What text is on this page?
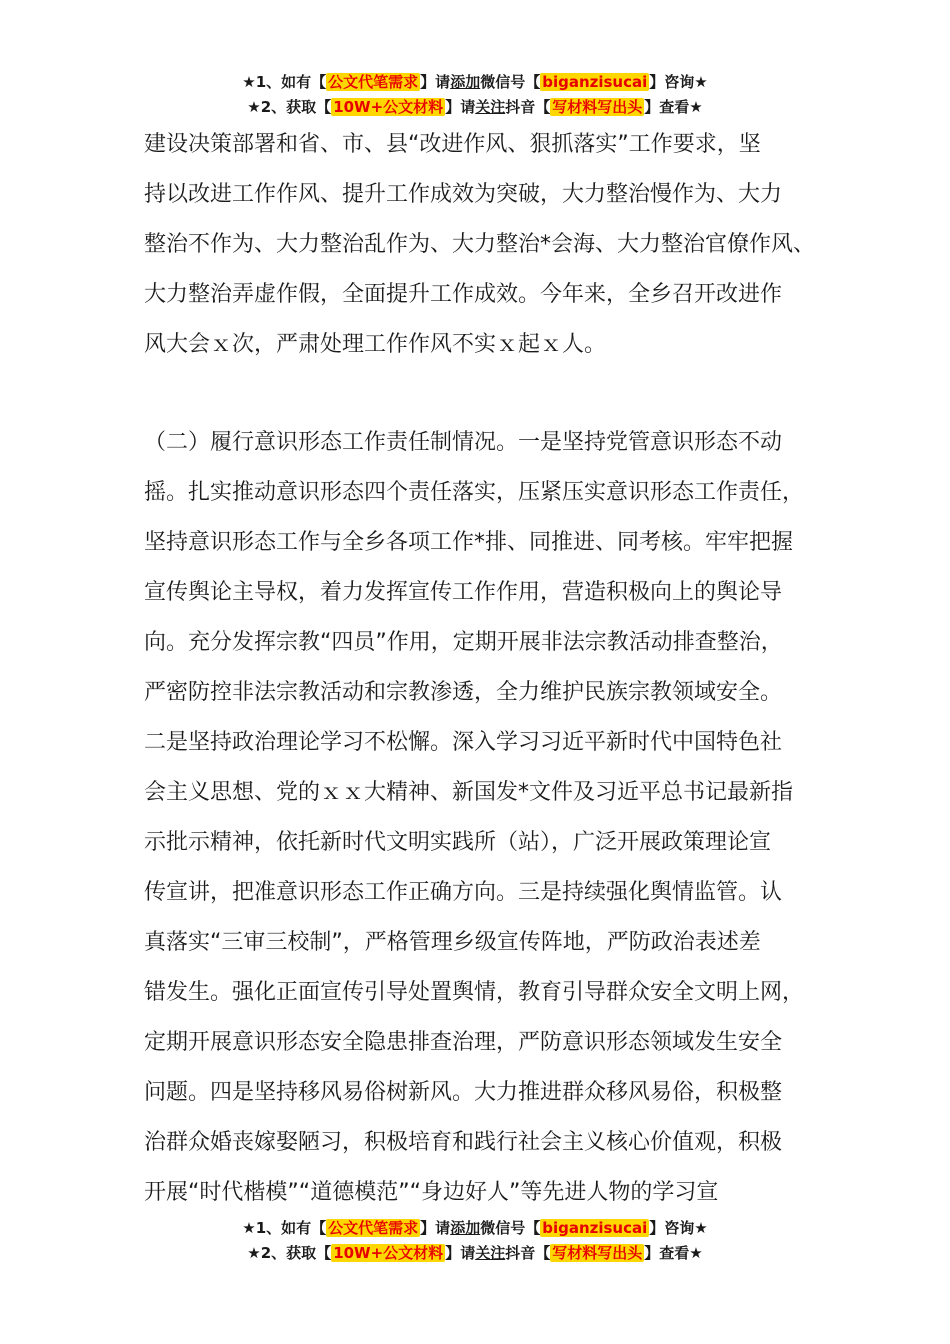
★1、如有【 公文代笔需求 】请添加微信号【 biganzisucai 】咨询★
★2、获取【 10W+公文材料 】请关注抖音【 写材料写出头 】查看★
建设决策部署和省、市、县“改进作风、狠抓落实”工作要求，坚
持以改进工作作风、提升工作成效为突破，大力整治慢作为、大力
整治不作为、大力整治乱作为、大力整治*会海、大力整治官僚作风、
大力整治弄虚作假，全面提升工作成效。今年来，全乡召开改进作
风大会ｘ次，严肃处理工作作风不实ｘ起ｘ人。
（二）履行意识形态工作责任制情况。一是坚持党管意识形态不动
摇。扎实推动意识形态四个责任落实，压紧压实意识形态工作责任，
坚持意识形态工作与全乡各项工作*排、同推进、同考核。牢牢把握
宣传舆论主导权，着力发挥宣传工作作用，营造积极向上的舆论导
向。充分发挥宗教“四员”作用，定期开展非法宗教活动排查整治，
严密防控非法宗教活动和宗教渗透，全力维护民族宗教领域安全。
二是坚持政治理论学习不松懈。深入学习习近平新时代中国特色社
会主义思想、党的ｘｘ大精神、新国发*文件及习近平总书记最新指
示批示精神，依托新时代文明实践所（站），广泛开展政策理论宣
传宣讲，把准意识形态工作正确方向。三是持续强化舆情监管。认
真落实“三审三校制”，严格管理乡级宣传阵地，严防政治表述差
错发生。强化正面宣传引导处置舆情，教育引导群众安全文明上网，
定期开展意识形态安全隐患排查治理，严防意识形态领域发生安全
问题。四是坚持移风易俗树新风。大力推进群众移风易俗，积极整
治群众婚丧嫁娶陋习，积极培育和践行社会主义核心价值观，积极
开展“时代楷模”“道德模范”“身边好人”等先进人物的学习宣
★1、如有【 公文代笔需求 】请添加微信号【 biganzisucai 】咨询★
★2、获取【 10W+公文材料 】请关注抖音【 写材料写出头 】查看★
